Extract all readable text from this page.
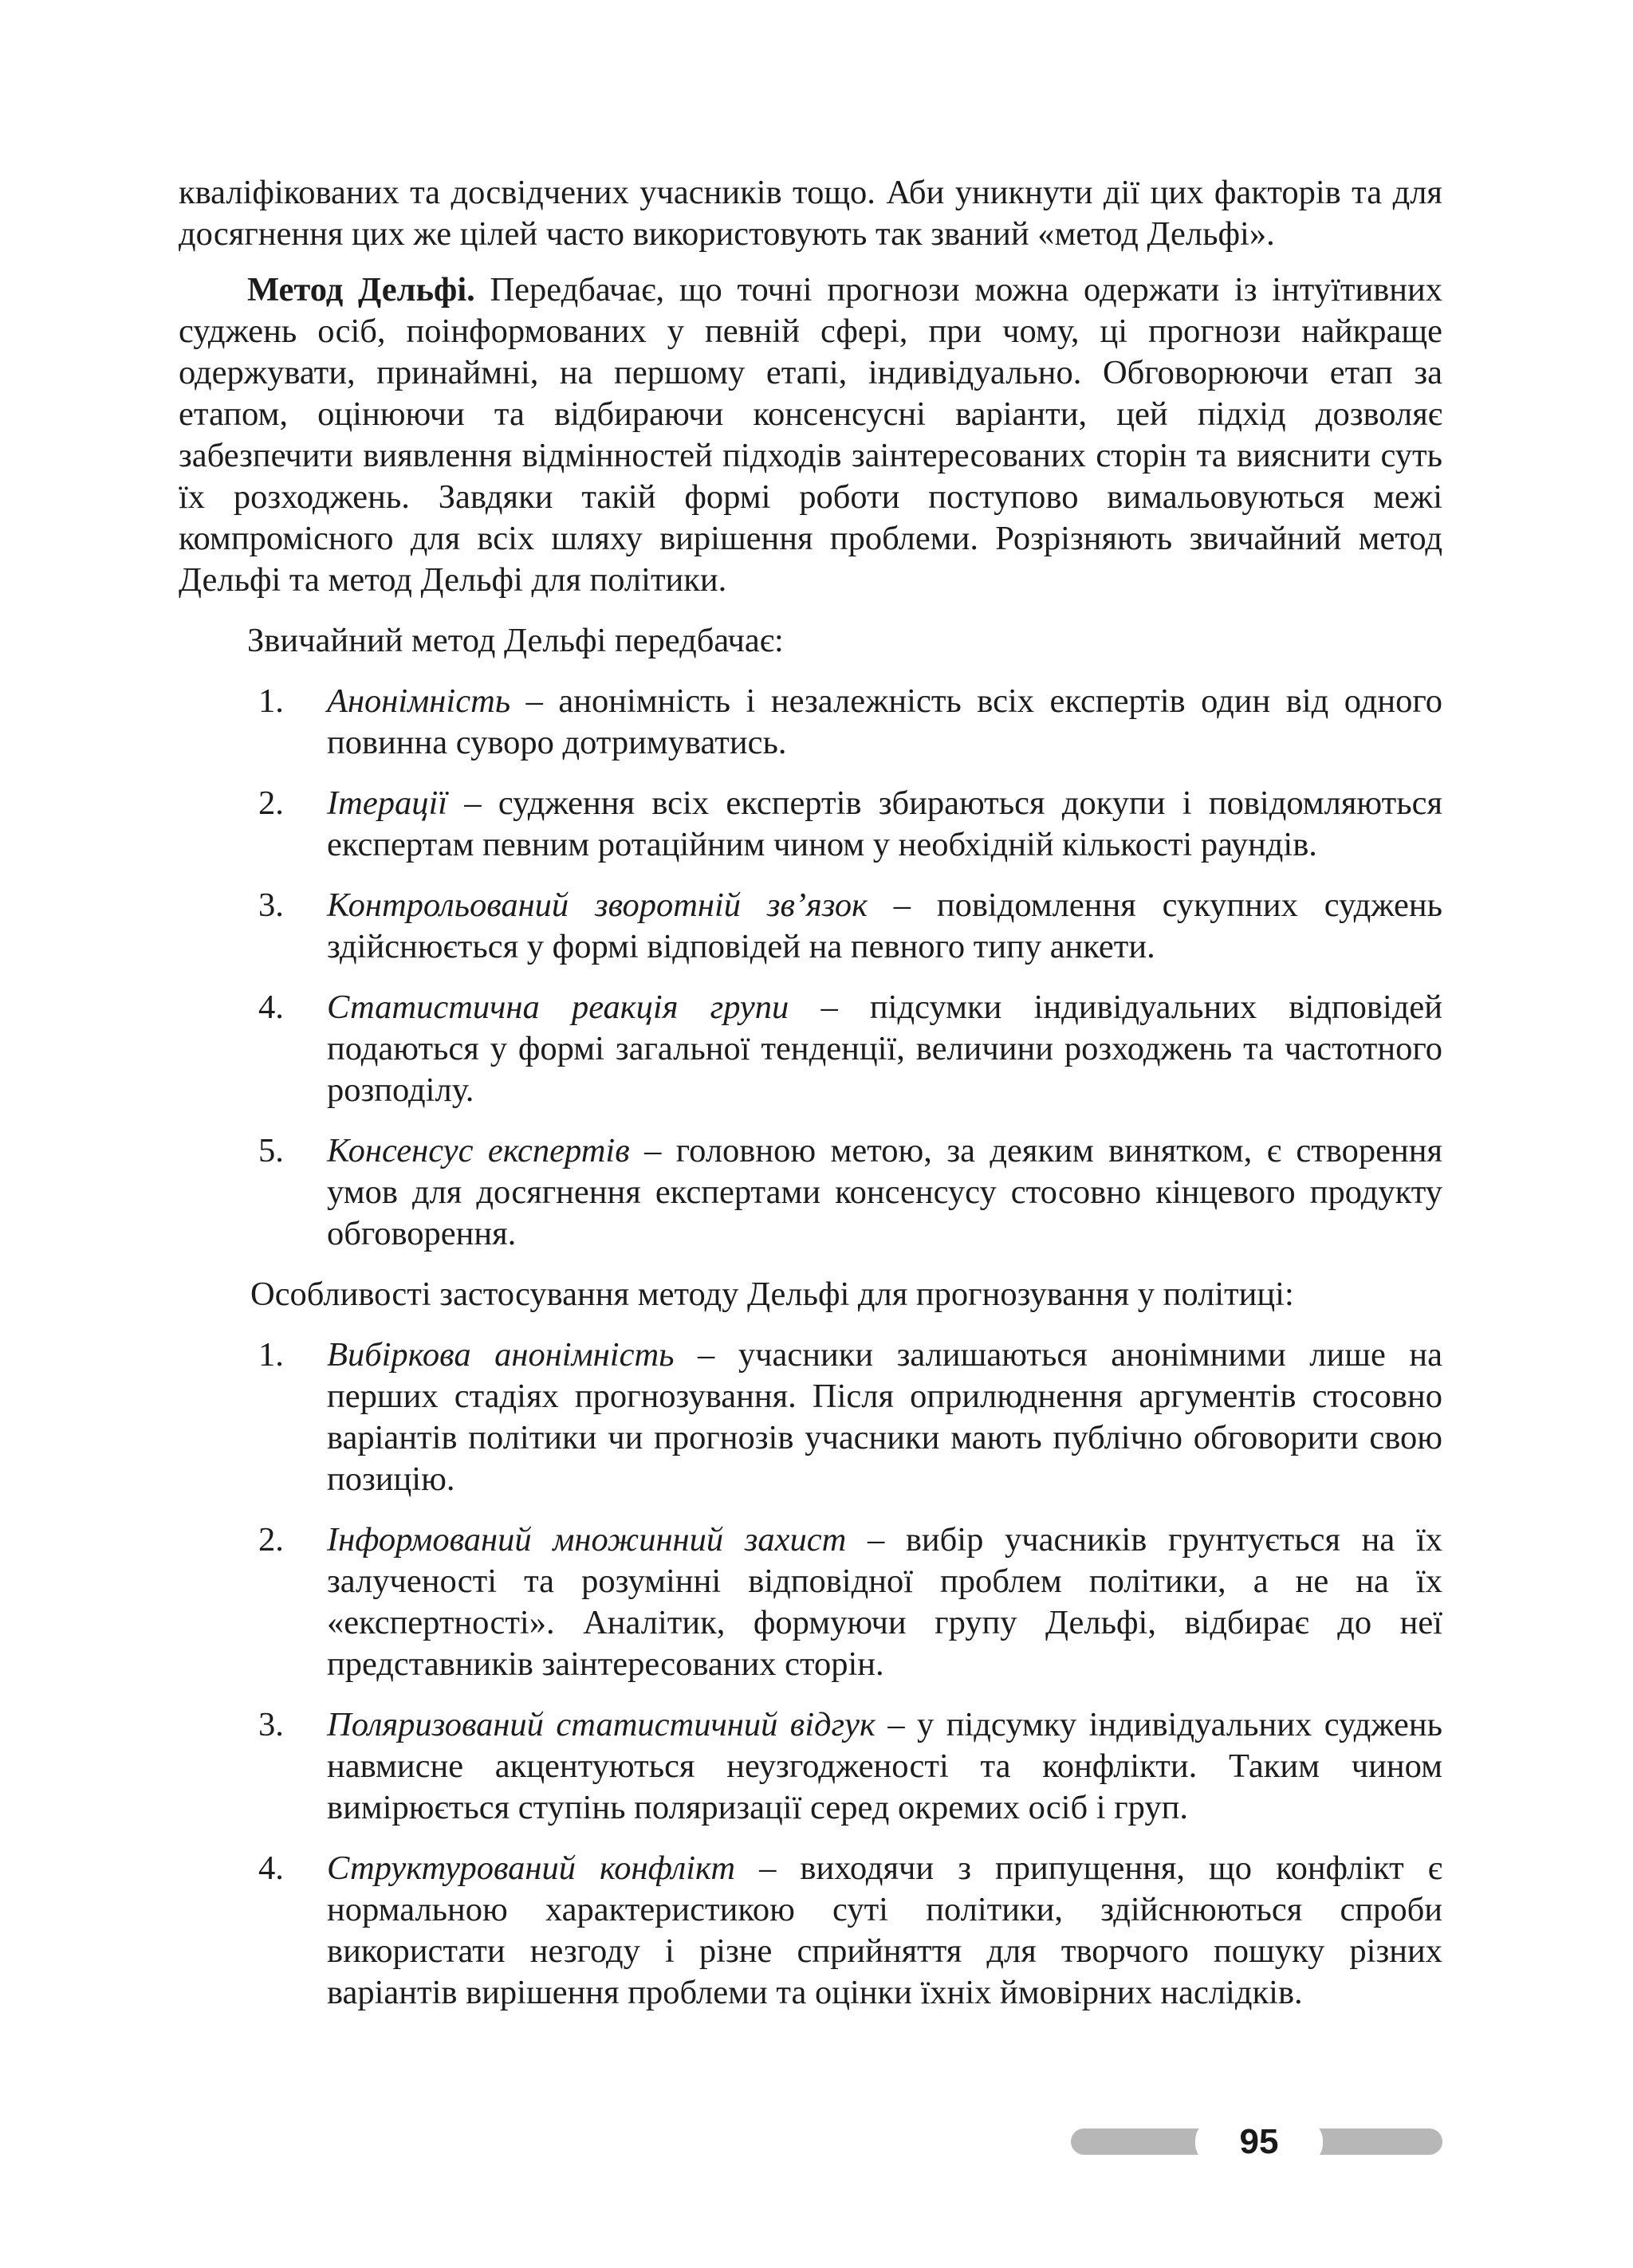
кваліфікованих та досвідчених учасників тощо. Аби уникнути дії цих факторів та для досягнення цих же цілей часто використовують так званий «метод Дельфі».

Метод Дельфі. Передбачає, що точні прогнози можна одержати із інтуїтивних суджень осіб, поінформованих у певній сфері, при чому, ці прогнози найкраще одержувати, принаймні, на першому етапі, індивідуально. Обговорюючи етап за етапом, оцінюючи та відбираючи консенсусні варіанти, цей підхід дозволяє забезпечити виявлення відмінностей підходів заінтересованих сторін та вияснити суть їх розходжень. Завдяки такій формі роботи поступово вимальовуються межі компромісного для всіх шляху вирішення проблеми. Розрізняють звичайний метод Дельфі та метод Дельфі для політики.

Звичайний метод Дельфі передбачає:

1. Анонімність – анонімність і незалежність всіх експертів один від одного повинна суворо дотримуватись.
2. Ітерації – судження всіх експертів збираються докупи і повідомляються експертам певним ротаційним чином у необхідній кількості раундів.
3. Контрольований зворотній зв’язок – повідомлення сукупних суджень здійснюється у формі відповідей на певного типу анкети.
4. Статистична реакція групи – підсумки індивідуальних відповідей подаються у формі загальної тенденції, величини розходжень та частотного розподілу.
5. Консенсус експертів – головною метою, за деяким винятком, є створення умов для досягнення експертами консенсусу стосовно кінцевого продукту обговорення.

Особливості застосування методу Дельфі для прогнозування у політиці:

1. Вибіркова анонімність – учасники залишаються анонімними лише на перших стадіях прогнозування. Після оприлюднення аргументів стосовно варіантів політики чи прогнозів учасники мають публічно обговорити свою позицію.
2. Інформований множинний захист – вибір учасників грунтується на їх залученості та розумінні відповідної проблем політики, а не на їх «експертності». Аналітик, формуючи групу Дельфі, відбирає до неї представників заінтересованих сторін.
3. Поляризований статистичний відгук – у підсумку індивідуальних суджень навмисне акцентуються неузгодженості та конфлікти. Таким чином вимірюється ступінь поляризації серед окремих осіб і груп.
4. Структурований конфлікт – виходячи з припущення, що конфлікт є нормальною характеристикою суті політики, здійснюються спроби використати незгоду і різне сприйняття для творчого пошуку різних варіантів вирішення проблеми та оцінки їхніх ймовірних наслідків.
95
